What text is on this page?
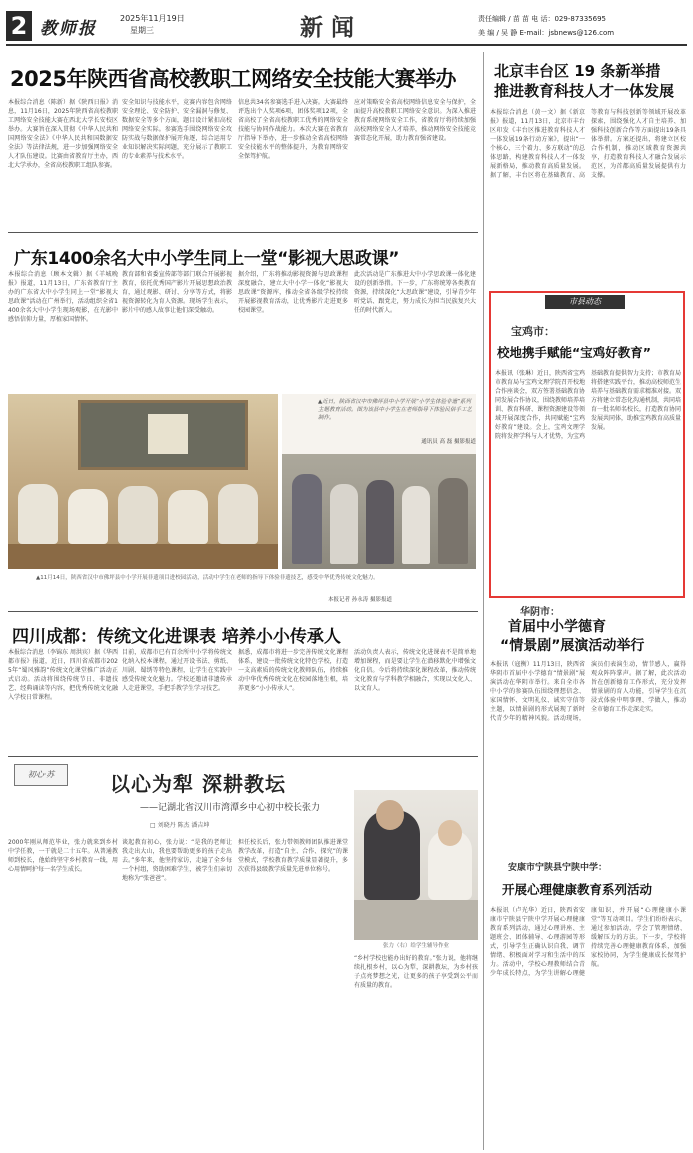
2 教师报
2025年11月19日
星期三	新闻	责任编辑 / 苗 苗 电 话：029-87335695
美 编 / 吴 静 E-mail：jsbnews@126.com
2025年陕西省高校教职工网络安全技能大赛举办
本报综合消息（陈新）据《陕西日报》消息，11月16日，2025年陕西省高校教职工网络安全技能大赛在西北大学长安校区举办。大赛旨在深入贯彻《中华人民共和国网络安全法》《中华人民共和国数据安全法》等法律法规，进一步加强网络安全人才队伍建设。比赛由省教育厅主办，西北大学承办，全省高校教职工组队参赛。
安全知识与技能水平，竞赛内容包含网络安全理论、安全防护、安全漏洞与修复、数据安全等多个方面，题目设计紧扣高校网络安全实际。参赛选手围绕网络安全攻防实战与数据保护展开角逐，综合运用专业知识解决实际问题，充分展示了教职工的专业素养与技术水平。
信息共34名参赛选手进入决赛。大赛最终评选出个人奖项6项，团体奖项12项，全省高校了全省高校教职工优秀的网络安全技能与协同作战能力。本次大赛在省教育厅指导下举办，进一步推动全省高校网络安全技能水平的整体提升，为教育网络安全保驾护航。
应对策略安全省高校网络信息安全与保护，全面提升高校教职工网络安全意识。为深入推进教育系统网络安全工作，省教育厅将持续加强高校网络安全人才培养，推动网络安全技能竞赛常态化开展，助力教育强省建设。
广东1400余名大中小学生同上一堂“影视大思政课”
本报综合消息（顾本文辑）据《羊城晚报》报道，11月13日，广东省教育厅主办的广东省大中小学生同上一堂“影视大思政课”活动在广州举行，活动组织全省1400余名大中小学生现场观影，在光影中感悟信仰力量，厚植家国情怀。
教育部和省委宣传部等部门联合开展影视教育，依托优秀国产影片开展思想政治教育，通过观影、研讨、分享等方式，将影视资源转化为育人资源。现场学生表示，影片中的感人故事让他们深受触动。
据介绍，广东将推动影视资源与思政课程深度融合，建立大中小学一体化“影视大思政课”资源库，推动全省各级学校持续开展影视教育活动，让优秀影片走进更多校园课堂。
此次活动是广东推进大中小学思政课一体化建设的创新举措。下一步，广东将统筹各类教育资源，持续深化“大思政课”建设，引导青少年听党话、跟党走，努力成长为担当民族复兴大任的时代新人。
▲近日，陕西省汉中市佛坪县中小学开展“小学生体验非遗”系列主题教育活动。图为该县中小学生在老师指导下体验民俗手工艺制作。
通讯员 高 磊 摄影报道
▲11月14日，陕西省汉中市佛坪县中小学开展非遗项目进校园活动，活动中学生在老师的指导下体验非遗技艺，感受中华优秀传统文化魅力。
本报记者 孙永涛 摄影报道
四川成都：传统文化进课表 培养小小传承人
本报综合消息（李锦东 周洪宾）据《华西都市报》报道，近日，四川省成都市2025年“蜀风雅韵”传统文化课堂推广活动正式启动。活动将围绕传统节日、非遗技艺、经典诵读等内容，把优秀传统文化融入学校日常课程。
目前，成都市已有百余所中小学将传统文化纳入校本课程，通过开设书法、剪纸、川剧、蜀绣等特色课程，让学生在实践中感受传统文化魅力。学校还邀请非遗传承人走进课堂，手把手教学生学习技艺。
据悉，成都市将进一步完善传统文化课程体系，建设一批传统文化特色学校，打造一支高素质的传统文化教师队伍，持续推动中华优秀传统文化在校园落地生根，培养更多“小小传承人”。
活动负责人表示，传统文化进课表不是简单地增加课程，而是要让学生在潜移默化中增强文化自信。今后将持续深化课程改革，推动传统文化教育与学科教学相融合，实现以文化人、以文育人。
初心·苏	以心为犁 深耕教坛
——记湖北省汉川市湾潭乡中心初中校长张力
□ 刘晓丹 陈杰 潘吉坤
2000年刚从师范毕业，张力就来到乡村中学任教，一干就是二十五年。从普通教师到校长，他始终坚守乡村教育一线，用心用情呵护每一名学生成长。
谈起教育初心，张力说：“是我的老师让我走出大山，我也要帮助更多的孩子走出去。”多年来，他坚持家访，走遍了全乡每一个村组，资助困难学生，被学生们亲切地称为“张爸爸”。
担任校长后，张力带领教师团队推进课堂教学改革，打造“自主、合作、探究”的课堂模式，学校教育教学质量显著提升，多次获得县级教学质量先进单位称号。
张力（右）给学生辅导作业
“乡村学校也能办出好的教育。”张力说，他将继续扎根乡村，以心为犁，深耕教坛，为乡村孩子点亮梦想之光，让更多的孩子享受到公平而有质量的教育。
北京丰台区 19 条新举措
推进教育科技人才一体发展
本报综合消息（黄一文）据《新京报》报道，11月13日，北京市丰台区印发《丰台区推进教育科技人才一体发展19条行动方案》，提出“一个核心、三个着力、多方联动”的总体思路，构建教育科技人才一体发展新格局，推动教育高质量发展。据了解，丰台区将在基础教育、高等教育与科技创新等领域开展改革探索，围绕强化人才自主培养、加强科技创新合作等方面提出19条具体举措。方案还提出，将建立区校合作机制，推动区域教育资源共享，打造教育科技人才融合发展示范区，为首都高质量发展提供有力支撑。
市县动态
宝鸡市：
校地携手赋能“宝鸡好教育”
本报讯（张琳）近日，陕西省宝鸡市教育局与宝鸡文理学院召开校地合作座谈会，双方签署基础教育协同发展合作协议，围绕教师培养培训、教育科研、课程资源建设等领域开展深度合作，共同赋能“宝鸡好教育”建设。会上，宝鸡文理学院将发挥学科与人才优势，为宝鸡基础教育提供智力支持；市教育局将搭建实践平台，推动高校师范生培养与基础教育需求精准对接。双方将建立常态化沟通机制，共同培育一批名师名校长，打造教育协同发展共同体，助推宝鸡教育高质量发展。
华阴市：
首届中小学德育
“情景剧”展演活动举行
本报讯（寇衡）11月13日，陕西省华阴市首届中小学德育“情景剧”展演活动在华阴市举行。来自全市各中小学的参赛队伍围绕理想信念、家国情怀、文明礼仪、诚实守信等主题，以情景剧的形式展现了新时代青少年的精神风貌。活动现场，演员们表演生动，情节感人，赢得观众阵阵掌声。据了解，此次活动旨在创新德育工作形式，充分发挥情景剧的育人功能，引导学生在沉浸式体验中明事理、学做人，推动全市德育工作走深走实。
安康市宁陕县宁陕中学：
开展心理健康教育系列活动
本报讯（卢光华）近日，陕西省安康市宁陕县宁陕中学开展心理健康教育系列活动，通过心理讲座、主题班会、团体辅导、心理游园等形式，引导学生正确认识自我、调节情绪、积极面对学习和生活中的压力。活动中，学校心理教师结合青少年成长特点，为学生讲解心理健康知识，并开展“心理健康小课堂”等互动项目。学生们纷纷表示，通过参加活动，学会了管理情绪、缓解压力的方法。下一步，学校将持续完善心理健康教育体系，加强家校协同，为学生健康成长保驾护航。
